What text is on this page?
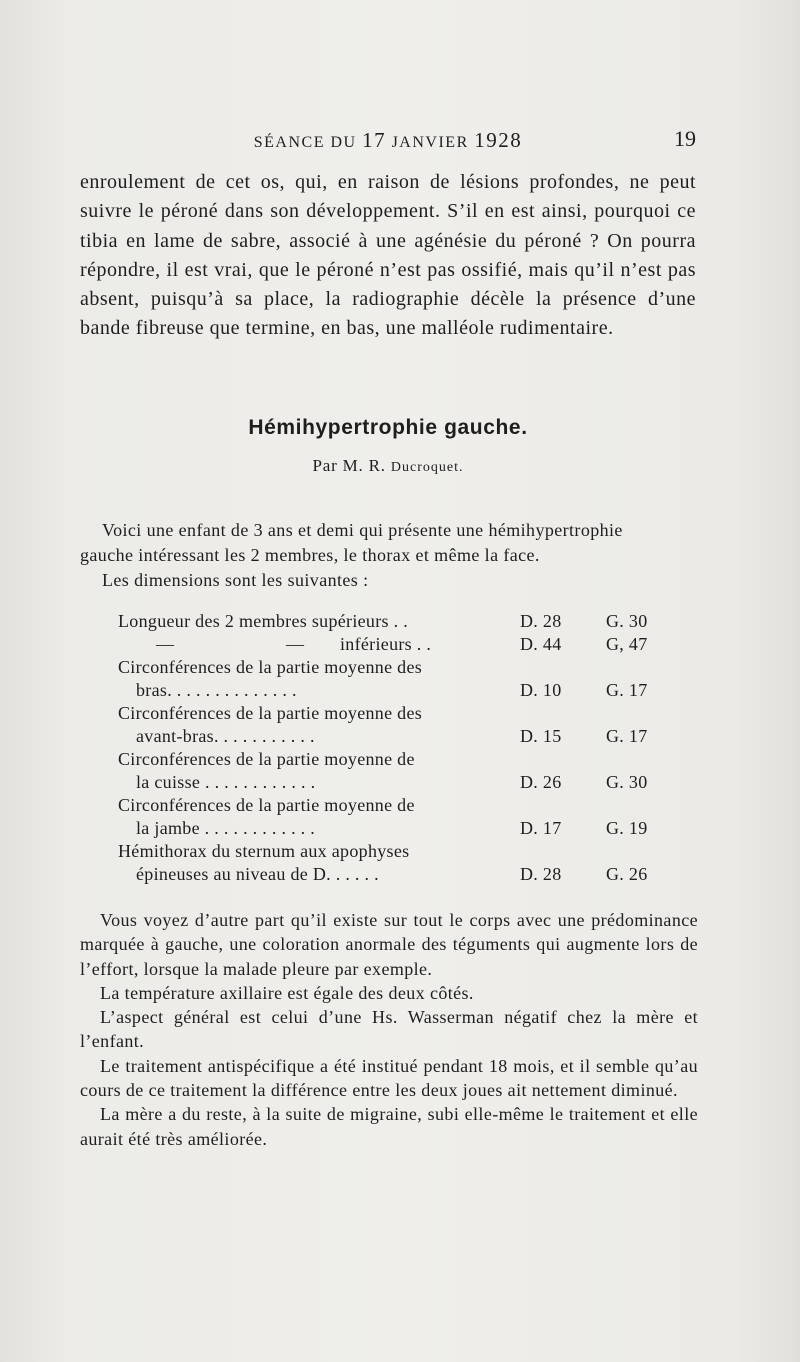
SÉANCE DU 17 JANVIER 1928	19
enroulement de cet os, qui, en raison de lésions profondes, ne peut suivre le péroné dans son développement. S’il en est ainsi, pourquoi ce tibia en lame de sabre, associé à une agénésie du péroné ? On pourra répondre, il est vrai, que le péroné n’est pas ossifié, mais qu’il n’est pas absent, puisqu’à sa place, la radiographie décèle la présence d’une bande fibreuse que termine, en bas, une malléole rudimentaire.
Hémihypertrophie gauche.
Par M. R. Ducroquet.
Voici une enfant de 3 ans et demi qui présente une hémihypertrophie
gauche intéressant les 2 membres, le thorax et même la face.
Les dimensions sont les suivantes :
Longueur des 2 membres supérieurs . .	D. 28 G. 30
—	— inférieurs . .	D. 44 G, 47
Circonférences de la partie moyenne des
bras. . . . . . . . . . . . . .	D. 10 G. 17
Circonférences de la partie moyenne des
avant-bras. . . . . . . . . . .	D. 15 G. 17
Circonférences de la partie moyenne de
la cuisse . . . . . . . . . . . .	D. 26 G. 30
Circonférences de la partie moyenne de
la jambe . . . . . . . . . . . .	D. 17 G. 19
Hémithorax du sternum aux apophyses
épineuses au niveau de D. . . . . .	D. 28 G. 26

Vous voyez d’autre part qu’il existe sur tout le corps avec une prédominance marquée à gauche, une coloration anormale des téguments qui augmente lors de l’effort, lorsque la malade pleure par exemple.

La température axillaire est égale des deux côtés.

L’aspect général est celui d’une Hs. Wasserman négatif chez la mère et l’enfant.

Le traitement antispécifique a été institué pendant 18 mois, et il semble qu’au cours de ce traitement la différence entre les deux joues ait nettement diminué.

La mère a du reste, à la suite de migraine, subi elle-même le traitement et elle aurait été très améliorée.
